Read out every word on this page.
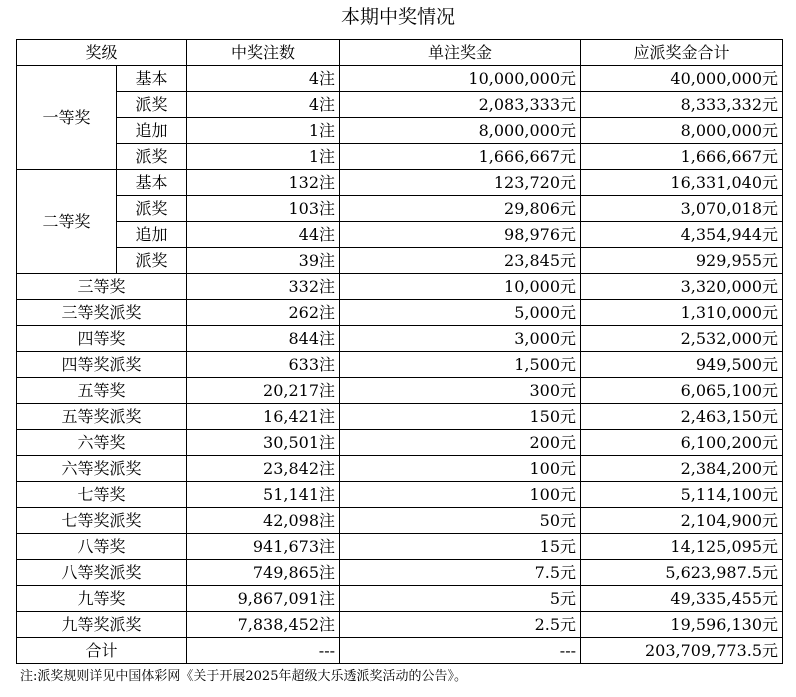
本期中奖情况
奖级		中奖注数	单注奖金	应派奖金合计
一等奖	基本	4注	10,000,000元	40,000,000元
	派奖	4注	2,083,333元	8,333,332元
	追加	1注	8,000,000元	8,000,000元
	派奖	1注	1,666,667元	1,666,667元
二等奖	基本	132注	123,720元	16,331,040元
	派奖	103注	29,806元	3,070,018元
	追加	44注	98,976元	4,354,944元
	派奖	39注	23,845元	929,955元
三等奖		332注	10,000元	3,320,000元
三等奖派奖		262注	5,000元	1,310,000元
四等奖		844注	3,000元	2,532,000元
四等奖派奖		633注	1,500元	949,500元
五等奖		20,217注	300元	6,065,100元
五等奖派奖		16,421注	150元	2,463,150元
六等奖		30,501注	200元	6,100,200元
六等奖派奖		23,842注	100元	2,384,200元
七等奖		51,141注	100元	5,114,100元
七等奖派奖		42,098注	50元	2,104,900元
八等奖		941,673注	15元	14,125,095元
八等奖派奖		749,865注	7.5元	5,623,987.5元
九等奖		9,867,091注	5元	49,335,455元
九等奖派奖		7,838,452注	2.5元	19,596,130元
合计		---	---	203,709,773.5元
注:派奖规则详见中国体彩网《关于开展2025年超级大乐透派奖活动的公告》。
